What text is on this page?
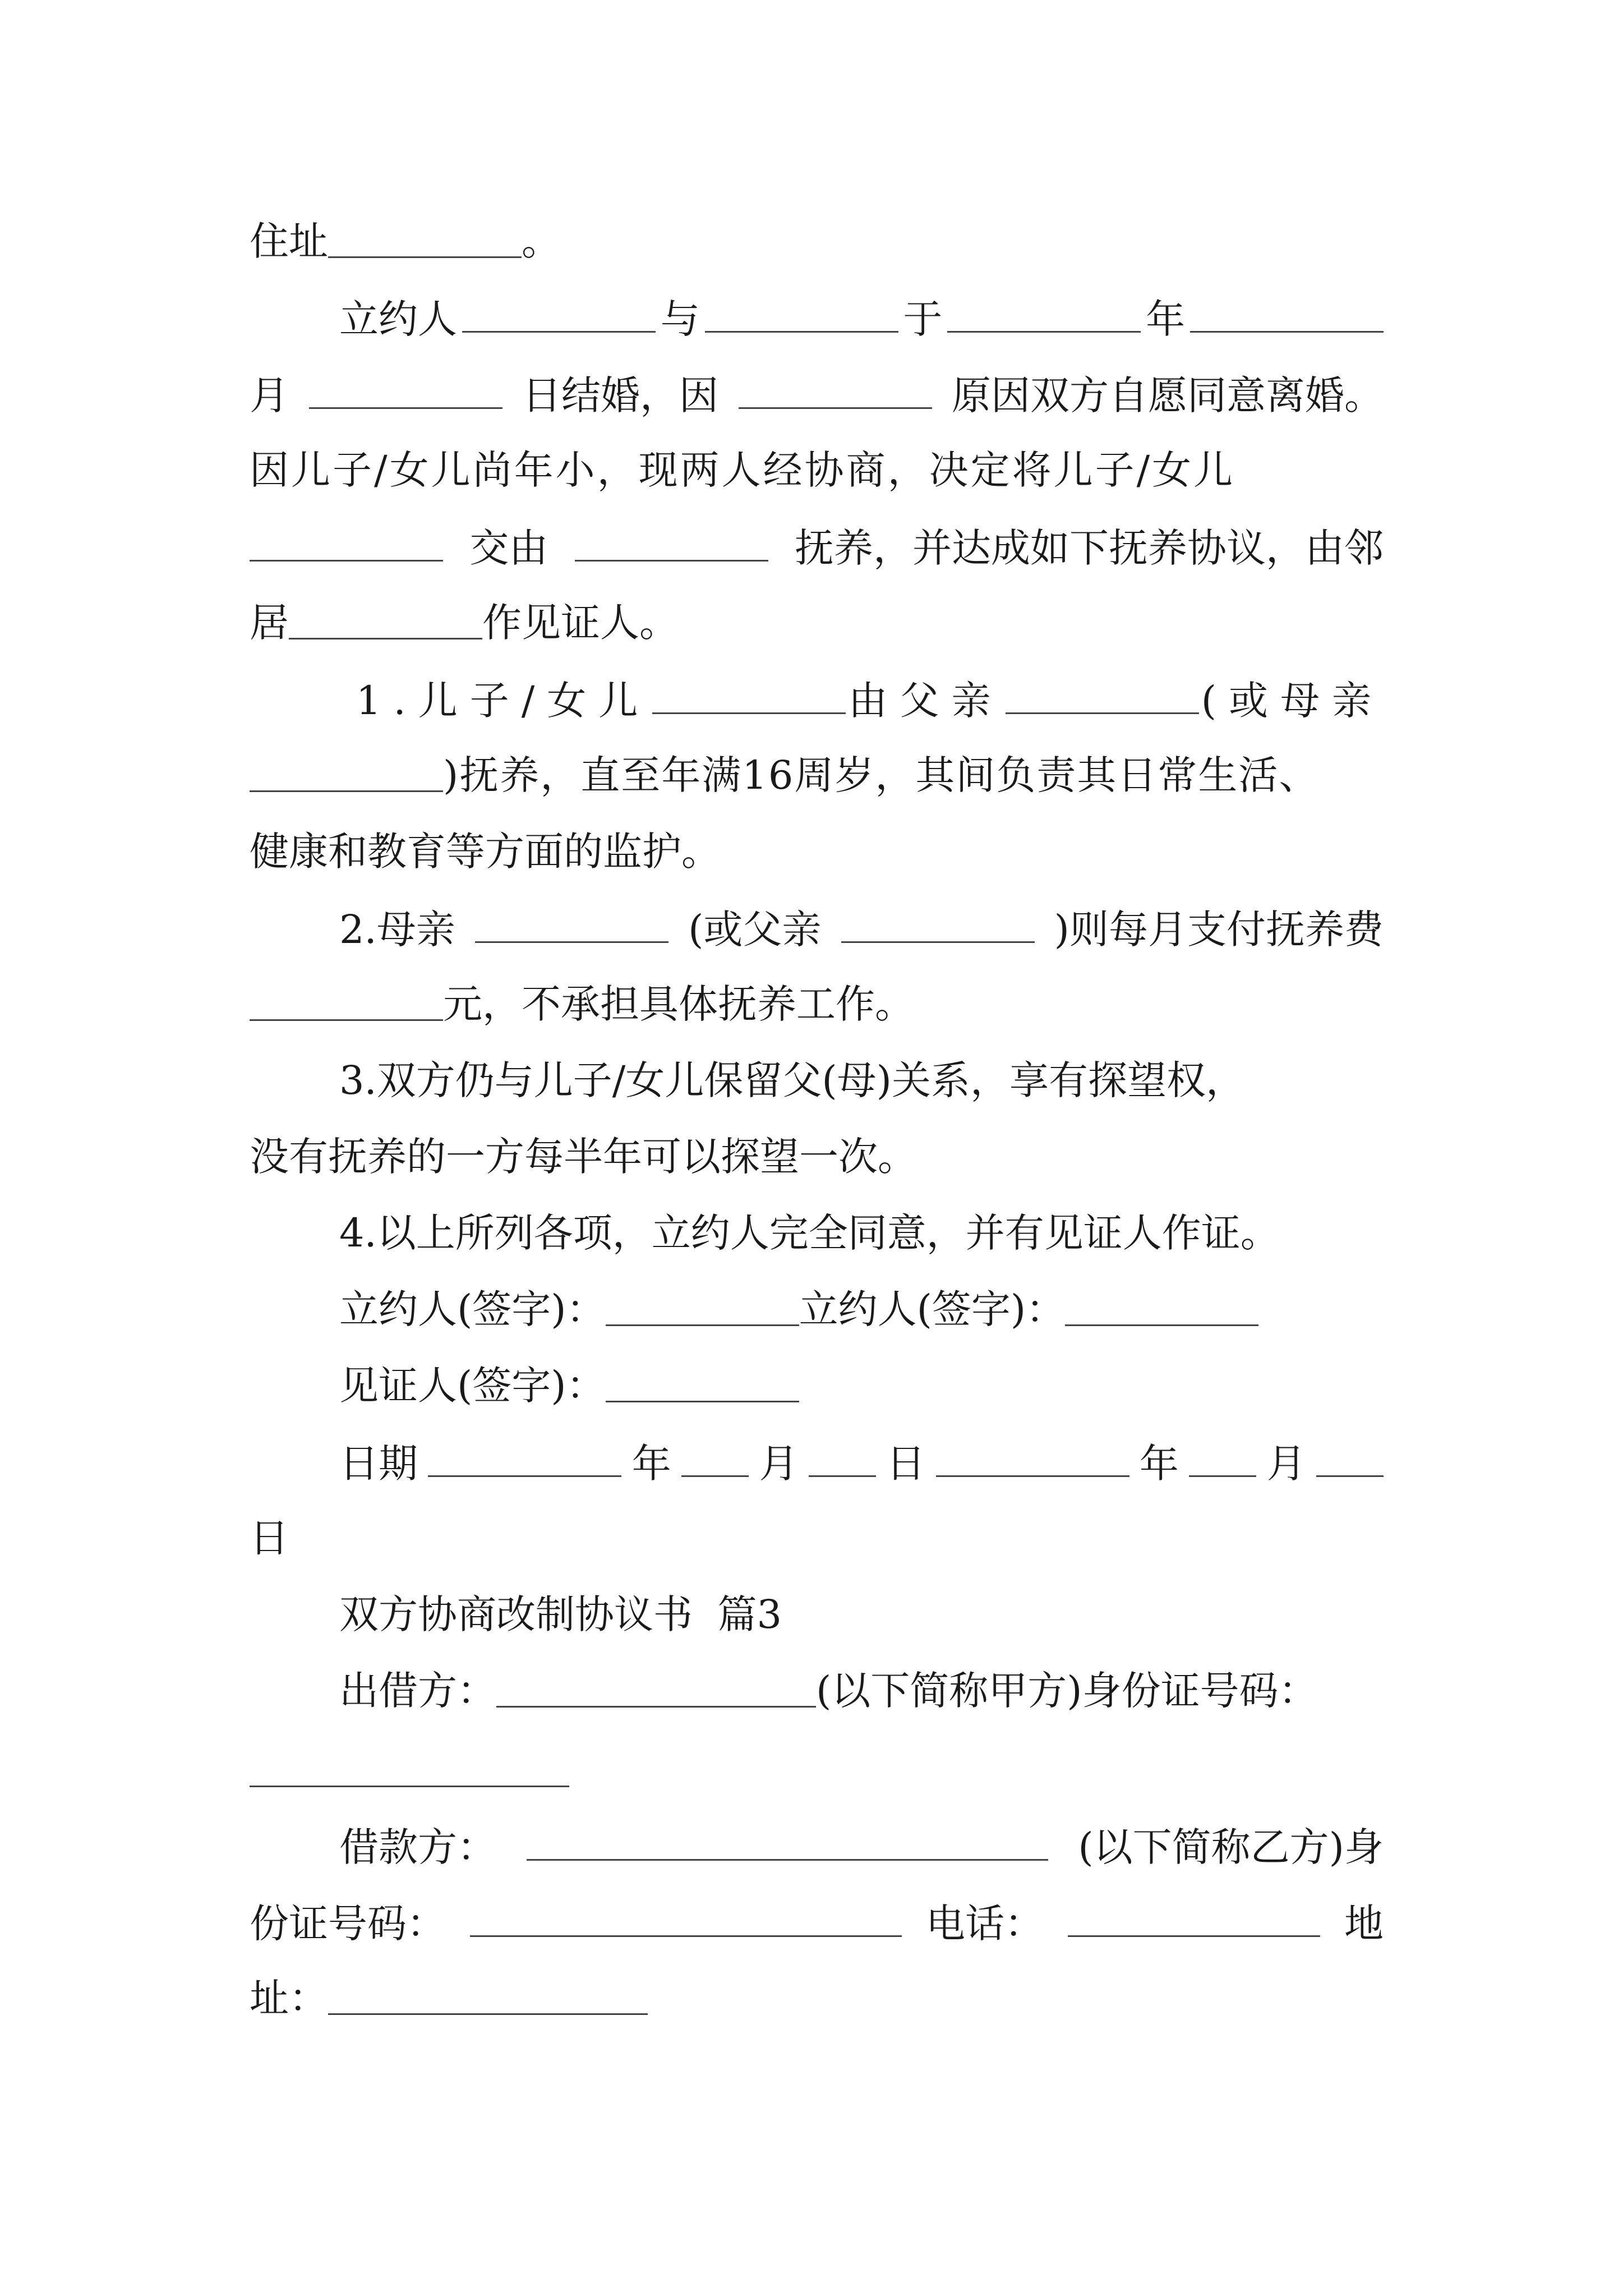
住址	。
立约人	与	于	年
月	日结婚，因	原因双方自愿同意离婚。
因儿子/女儿尚年小，现两人经协商，决定将儿子/女儿
交由	抚养，并达成如下抚养协议，由邻
居	作见证人。
1.儿子/女儿	由父亲	(或母亲
)抚养，直至年满16周岁，其间负责其日常生活、
健康和教育等方面的监护。
2.母亲	(或父亲	)则每月支付抚养费
元，不承担具体抚养工作。
3.双方仍与儿子/女儿保留父(母)关系，享有探望权，
没有抚养的一方每半年可以探望一次。
4.以上所列各项，立约人完全同意，并有见证人作证。
立约人(签字)：	立约人(签字)：
见证人(签字)：
日期	年 月 日	年 月
日
双方协商改制协议书  篇3
出借方：	(以下简称甲方)身份证号码：
借款方：	(以下简称乙方)身
份证号码：	电话：	地
址：
